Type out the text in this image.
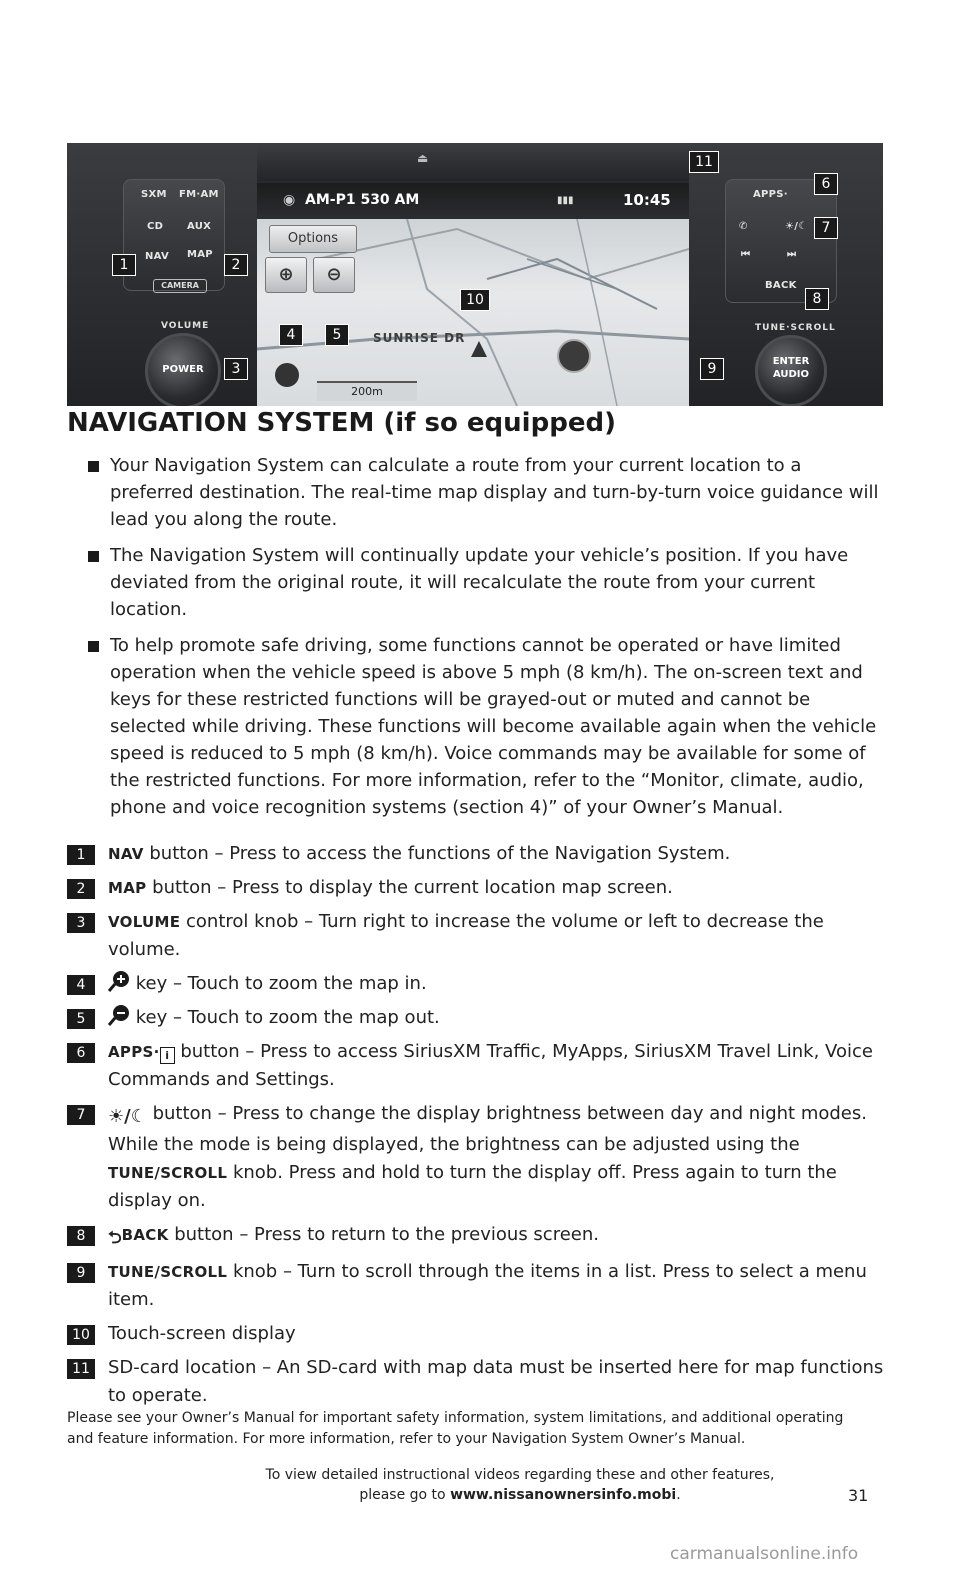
⏏
SXM FM·AM
CD AUX
NAV MAP
CAMERA
VOLUME
POWER
◉ AM-P1 530 AM	▮▮▮	10:45
Options
⊕	⊖
SUNRISE DR
200m
APPS·
✆	☀/☾
⏮	⏭
BACK
TUNE·SCROLL
ENTER
AUDIO
1	2
3
4	5
6
7
8
9
10
11
NAVIGATION SYSTEM (if so equipped)
Your Navigation System can calculate a route from your current location to a preferred destination. The real-time map display and turn-by-turn voice guidance will lead you along the route.
The Navigation System will continually update your vehicle’s position. If you have deviated from the original route, it will recalculate the route from your current location.
To help promote safe driving, some functions cannot be operated or have limited operation when the vehicle speed is above 5 mph (8 km/h). The on-screen text and keys for these restricted functions will be grayed-out or muted and cannot be selected while driving. These functions will become available again when the vehicle speed is reduced to 5 mph (8 km/h). Voice commands may be available for some of the restricted functions. For more information, refer to the “Monitor, climate, audio, phone and voice recognition systems (section 4)” of your Owner’s Manual.
1	NAV button – Press to access the functions of the Navigation System.
2	MAP button – Press to display the current location map screen.
3	VOLUME control knob – Turn right to increase the volume or left to decrease the volume.
4	key – Touch to zoom the map in.
5	key – Touch to zoom the map out.
6	APPS· i button – Press to access SiriusXM Traffic, MyApps, SiriusXM Travel Link, Voice Commands and Settings.
7	☀/☾ button – Press to change the display brightness between day and night modes. While the mode is being displayed, the brightness can be adjusted using the TUNE/SCROLL knob. Press and hold to turn the display off. Press again to turn the display on.
8	⮌BACK button – Press to return to the previous screen.
9	TUNE/SCROLL knob – Turn to scroll through the items in a list. Press to select a menu item.
10 Touch-screen display
11 SD-card location – An SD-card with map data must be inserted here for map functions to operate.

Please see your Owner’s Manual for important safety information, system limitations, and additional operating and feature information. For more information, refer to your Navigation System Owner’s Manual.

To view detailed instructional videos regarding these and other features,
please go to www.nissanownersinfo.mobi.	31

carmanualsonline.info
